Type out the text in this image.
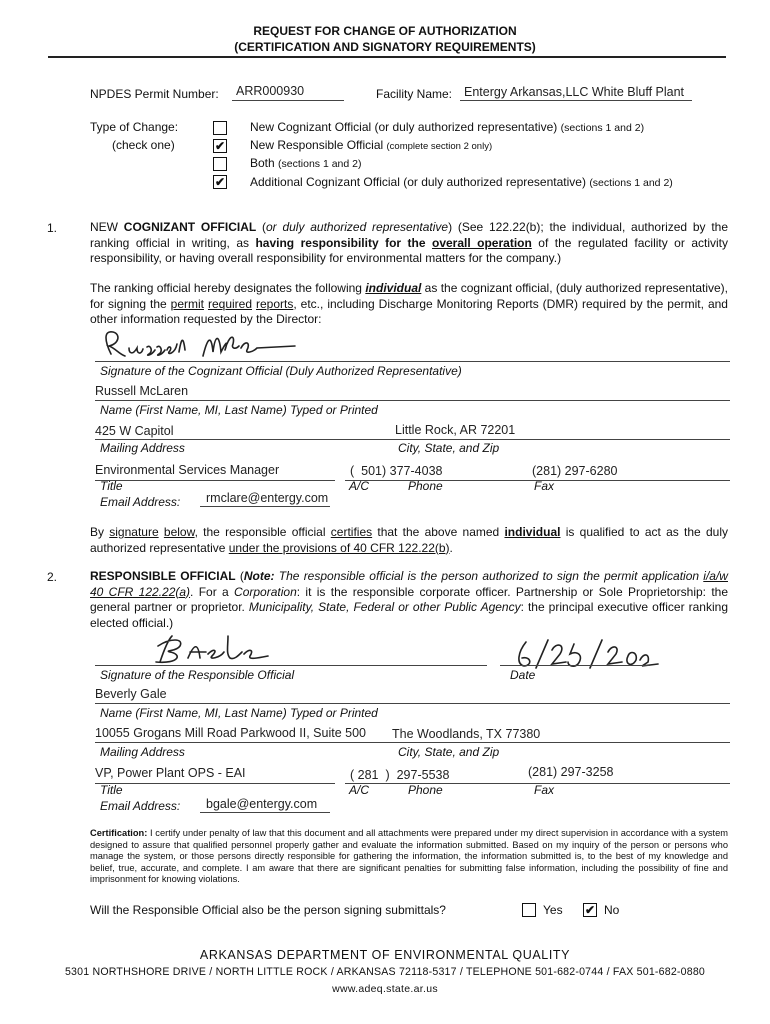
REQUEST FOR CHANGE OF AUTHORIZATION
(CERTIFICATION AND SIGNATORY REQUIREMENTS)
NPDES Permit Number: ARR000930	Facility Name: Entergy Arkansas,LLC White Bluff Plant
Type of Change:
(check one)
New Cognizant Official (or duly authorized representative) (sections 1 and 2)
✔ New Responsible Official (complete section 2 only)
Both (sections 1 and 2)
✔ Additional Cognizant Official (or duly authorized representative) (sections 1 and 2)
1.	NEW COGNIZANT OFFICIAL (or duly authorized representative) (See 122.22(b); the individual, authorized by the ranking official in writing, as having responsibility for the overall operation of the regulated facility or activity responsibility, or having overall responsibility for environmental matters for the company.)
The ranking official hereby designates the following individual as the cognizant official, (duly authorized representative), for signing the permit required reports, etc., including Discharge Monitoring Reports (DMR) required by the permit, and other information requested by the Director:
Signature of the Cognizant Official (Duly Authorized Representative)
Russell McLaren
Name (First Name, MI, Last Name) Typed or Printed
425 W Capitol	Little Rock, AR 72201
Mailing Address	City, State, and Zip
Environmental Services Manager	( 501) 377-4038	(281) 297-6280
Title	A/C	Phone	Fax
Email Address: rmclare@entergy.com
By signature below, the responsible official certifies that the above named individual is qualified to act as the duly authorized representative under the provisions of 40 CFR 122.22(b).
2.	RESPONSIBLE OFFICIAL (Note: The responsible official is the person authorized to sign the permit application i/a/w 40 CFR 122.22(a). For a Corporation: it is the responsible corporate officer. Partnership or Sole Proprietorship: the general partner or proprietor. Municipality, State, Federal or other Public Agency: the principal executive officer ranking elected official.)
Signature of the Responsible Official	Date
Beverly Gale
Name (First Name, MI, Last Name) Typed or Printed
10055 Grogans Mill Road Parkwood II, Suite 500 The Woodlands, TX 77380
Mailing Address	City, State, and Zip
VP, Power Plant OPS - EAI	( 281 ) 297-5538	(281) 297-3258
Title	A/C	Phone	Fax
Email Address: bgale@entergy.com
Certification: I certify under penalty of law that this document and all attachments were prepared under my direct supervision in accordance with a system designed to assure that qualified personnel properly gather and evaluate the information submitted. Based on my inquiry of the person or persons who manage the system, or those persons directly responsible for gathering the information, the information submitted is, to the best of my knowledge and belief, true, accurate, and complete. I am aware that there are significant penalties for submitting false information, including the possibility of fine and imprisonment for knowing violations.
Will the Responsible Official also be the person signing submittals?	Yes ✔ No
ARKANSAS DEPARTMENT OF ENVIRONMENTAL QUALITY
5301 NORTHSHORE DRIVE / NORTH LITTLE ROCK / ARKANSAS 72118-5317 / TELEPHONE 501-682-0744 / FAX 501-682-0880
www.adeq.state.ar.us
